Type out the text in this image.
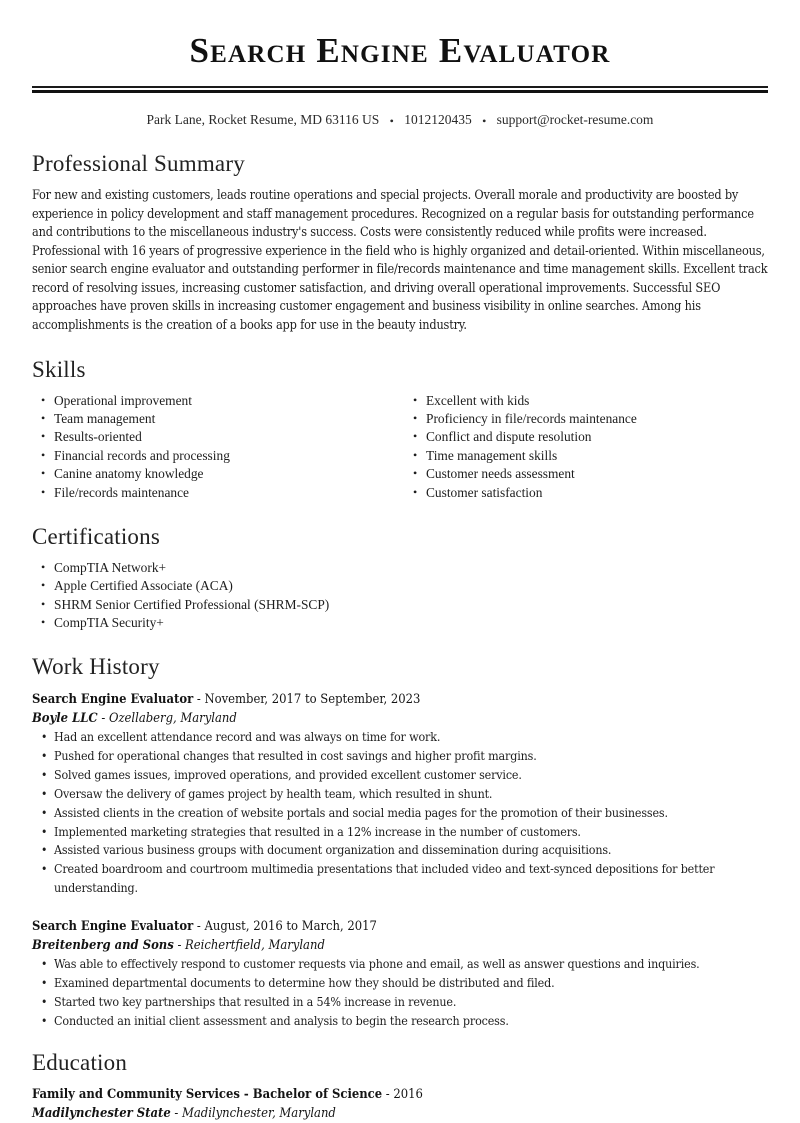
Search Engine Evaluator
Park Lane, Rocket Resume, MD 63116 US • 1012120435 • support@rocket-resume.com
Professional Summary

For new and existing customers, leads routine operations and special projects. Overall morale and productivity are boosted by experience in policy development and staff management procedures. Recognized on a regular basis for outstanding performance and contributions to the miscellaneous industry's success. Costs were consistently reduced while profits were increased. Professional with 16 years of progressive experience in the field who is highly organized and detail-oriented. Within miscellaneous, senior search engine evaluator and outstanding performer in file/records maintenance and time management skills. Excellent track record of resolving issues, increasing customer satisfaction, and driving overall operational improvements. Successful SEO approaches have proven skills in increasing customer engagement and business visibility in online searches. Among his accomplishments is the creation of a books app for use in the beauty industry.

Skills
• Operational improvement
• Team management
• Results-oriented
• Financial records and processing
• Canine anatomy knowledge
• File/records maintenance
• Excellent with kids
• Proficiency in file/records maintenance
• Conflict and dispute resolution
• Time management skills
• Customer needs assessment
• Customer satisfaction
Certifications
• CompTIA Network+
• Apple Certified Associate (ACA)
• SHRM Senior Certified Professional (SHRM-SCP)
• CompTIA Security+
Work History
Search Engine Evaluator - November, 2017 to September, 2023
Boyle LLC - Ozellaberg, Maryland
• Had an excellent attendance record and was always on time for work.
• Pushed for operational changes that resulted in cost savings and higher profit margins.
• Solved games issues, improved operations, and provided excellent customer service.
• Oversaw the delivery of games project by health team, which resulted in shunt.
• Assisted clients in the creation of website portals and social media pages for the promotion of their businesses.
• Implemented marketing strategies that resulted in a 12% increase in the number of customers.
• Assisted various business groups with document organization and dissemination during acquisitions.
• Created boardroom and courtroom multimedia presentations that included video and text-synced depositions for better understanding.
Search Engine Evaluator - August, 2016 to March, 2017
Breitenberg and Sons - Reichertfield, Maryland
• Was able to effectively respond to customer requests via phone and email, as well as answer questions and inquiries.
• Examined departmental documents to determine how they should be distributed and filed.
• Started two key partnerships that resulted in a 54% increase in revenue.
• Conducted an initial client assessment and analysis to begin the research process.
Education
Family and Community Services - Bachelor of Science - 2016
Madilynchester State - Madilynchester, Maryland
